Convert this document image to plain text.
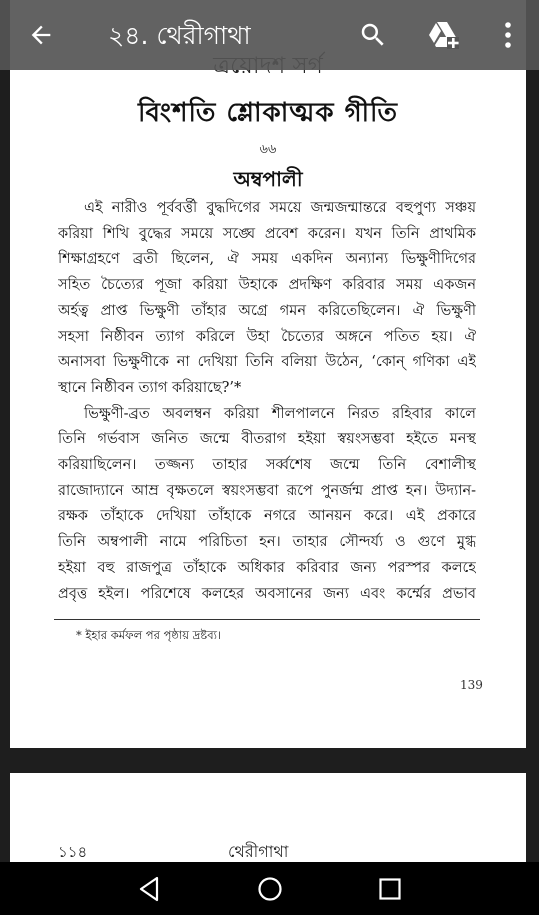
বিংশতি শ্লোকাত্মক গীতি
৬৬
অম্বপালী
এই নারীও পূর্ববর্ত্তী বুদ্ধদিগের সময়ে জন্মজন্মান্তরে বহুপুণ্য সঞ্চয়
করিয়া শিখি বুদ্ধের সময়ে সঙ্ঘে প্রবেশ করেন। যখন তিনি প্রাথমিক
শিক্ষাগ্রহণে ব্রতী ছিলেন, ঐ সময় একদিন অন্যান্য ভিক্ষুণীদিগের
সহিত চৈত্যের পূজা করিয়া উহাকে প্রদক্ষিণ করিবার সময় একজন
অর্হত্ব প্রাপ্ত ভিক্ষুণী তাঁহার অগ্রে গমন করিতেছিলেন। ঐ ভিক্ষুণী
সহসা নিষ্ঠীবন ত্যাগ করিলে উহা চৈত্যের অঙ্গনে পতিত হয়। ঐ
অনাসবা ভিক্ষুণীকে না দেখিয়া তিনি বলিয়া উঠেন, ‘কোন্ গণিকা এই
স্থানে নিষ্ঠীবন ত্যাগ করিয়াছে?’*
ভিক্ষুণী-ব্রত অবলম্বন করিয়া শীলপালনে নিরত রহিবার কালে
তিনি গর্ভবাস জনিত জন্মে বীতরাগ হইয়া স্বয়ংসম্ভবা হইতে মনস্থ
করিয়াছিলেন। তজ্জন্য তাহার সর্ব্বশেষ জন্মে তিনি বেশালীস্থ
রাজোদ্যানে আম্র বৃক্ষতলে স্বয়ংসম্ভবা রূপে পুনর্জন্ম প্রাপ্ত হন। উদ্যান-
রক্ষক তাঁহাকে দেখিয়া তাঁহাকে নগরে আনয়ন করে। এই প্রকারে
তিনি অম্বপালী নামে পরিচিতা হন। তাহার সৌন্দর্য্য ও গুণে মুগ্ধ
হইয়া বহু রাজপুত্র তাঁহাকে অধিকার করিবার জন্য পরস্পর কলহে
প্রবৃত্ত হইল। পরিশেষে কলহের অবসানের জন্য এবং কর্ম্মের প্রভাব
* ইহার কর্মফল পর পৃষ্ঠায় দ্রষ্টব্য।
139
১১৪	থেরীগাথা
২৪. থেরীগাথা
